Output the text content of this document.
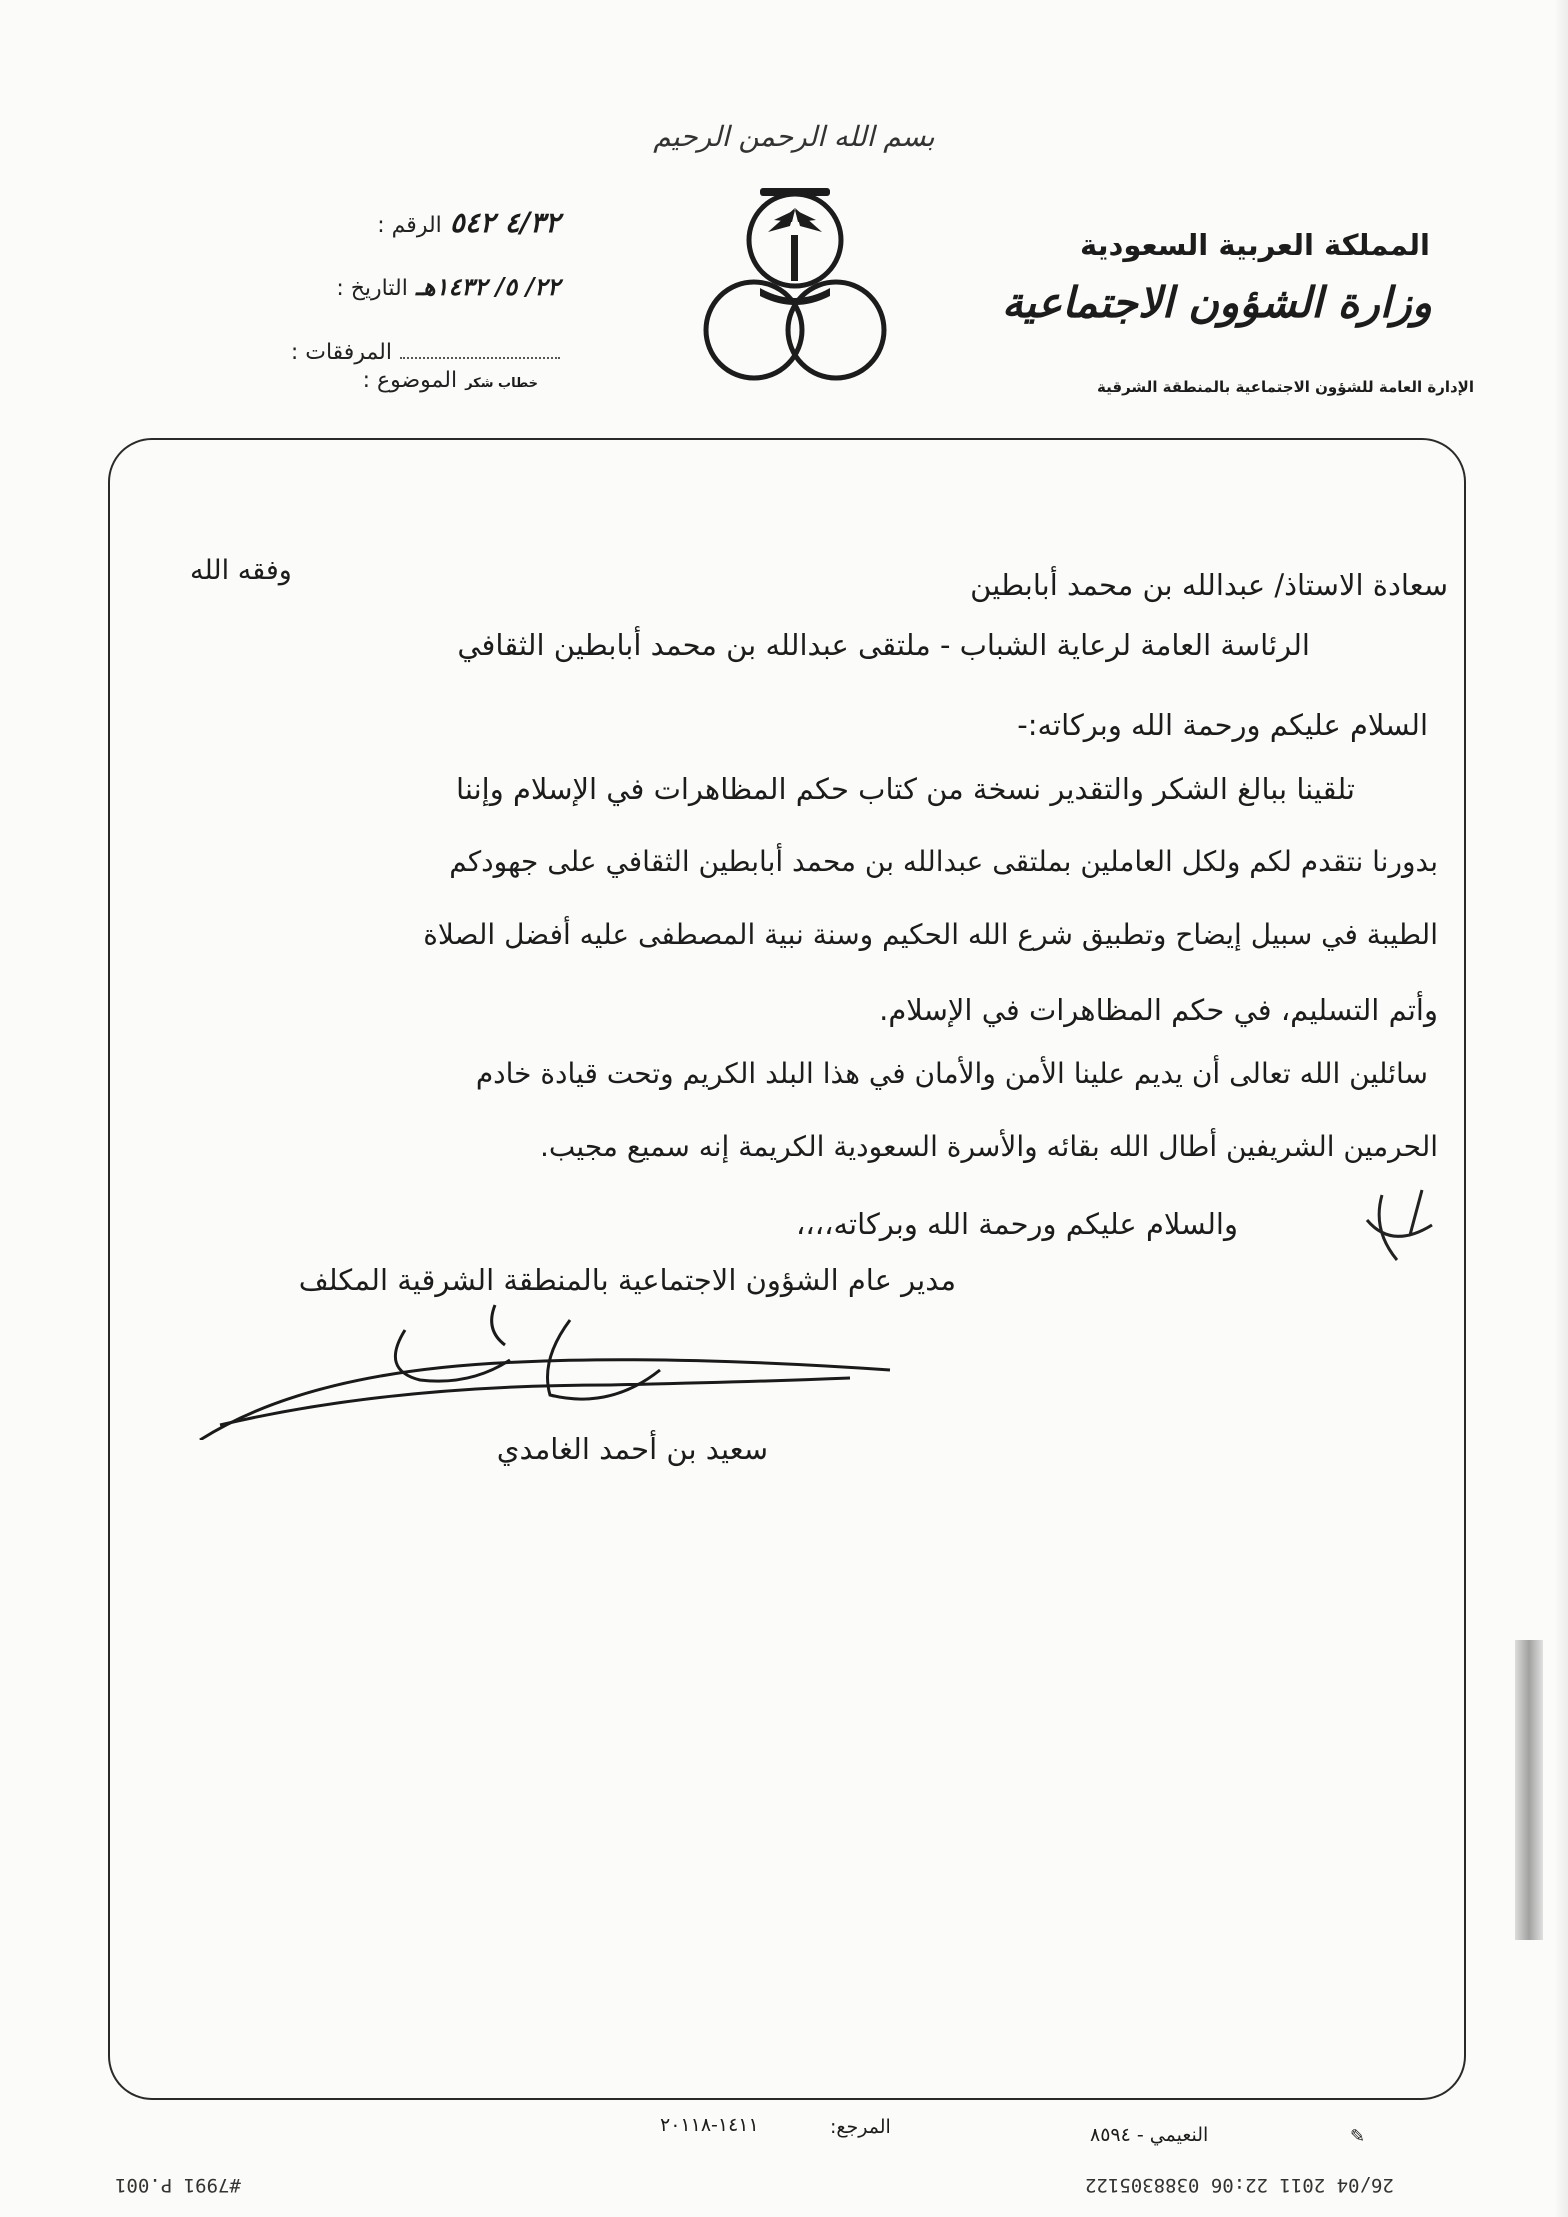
بسم الله الرحمن الرحيم
المملكة العربية السعودية
وزارة الشؤون الاجتماعية
الإدارة العامة للشؤون الاجتماعية بالمنطقة الشرقية
الرقم : ٤/٣٢ ٥٤٢
التاريخ : ٢٢/ ٥/ ١٤٣٢هـ
المرفقات :
الموضوع : خطاب شكر
وفقه الله	سعادة الاستاذ/ عبدالله بن محمد أبابطين
الرئاسة العامة لرعاية الشباب - ملتقى عبدالله بن محمد أبابطين الثقافي
السلام عليكم ورحمة الله وبركاته:-
تلقينا ببالغ الشكر والتقدير نسخة من كتاب حكم المظاهرات في الإسلام وإننا
بدورنا نتقدم لكم ولكل العاملين بملتقى عبدالله بن محمد أبابطين الثقافي على جهودكم
الطيبة في سبيل إيضاح وتطبيق شرع الله الحكيم وسنة نبية المصطفى عليه أفضل الصلاة
وأتم التسليم، في حكم المظاهرات في الإسلام.
سائلين الله تعالى أن يديم علينا الأمن والأمان في هذا البلد الكريم وتحت قيادة خادم
الحرمين الشريفين أطال الله بقائه والأسرة السعودية الكريمة إنه سميع مجيب.
والسلام عليكم ورحمة الله وبركاته،،،،
مدير عام الشؤون الاجتماعية بالمنطقة الشرقية المكلف
سعيد بن أحمد الغامدي
المرجع:
١٤١١-٢٠١١٨	النعيمي - ٨٥٩٤	✎
#7991 P.001	26/04 2011 22:06 0388305122
